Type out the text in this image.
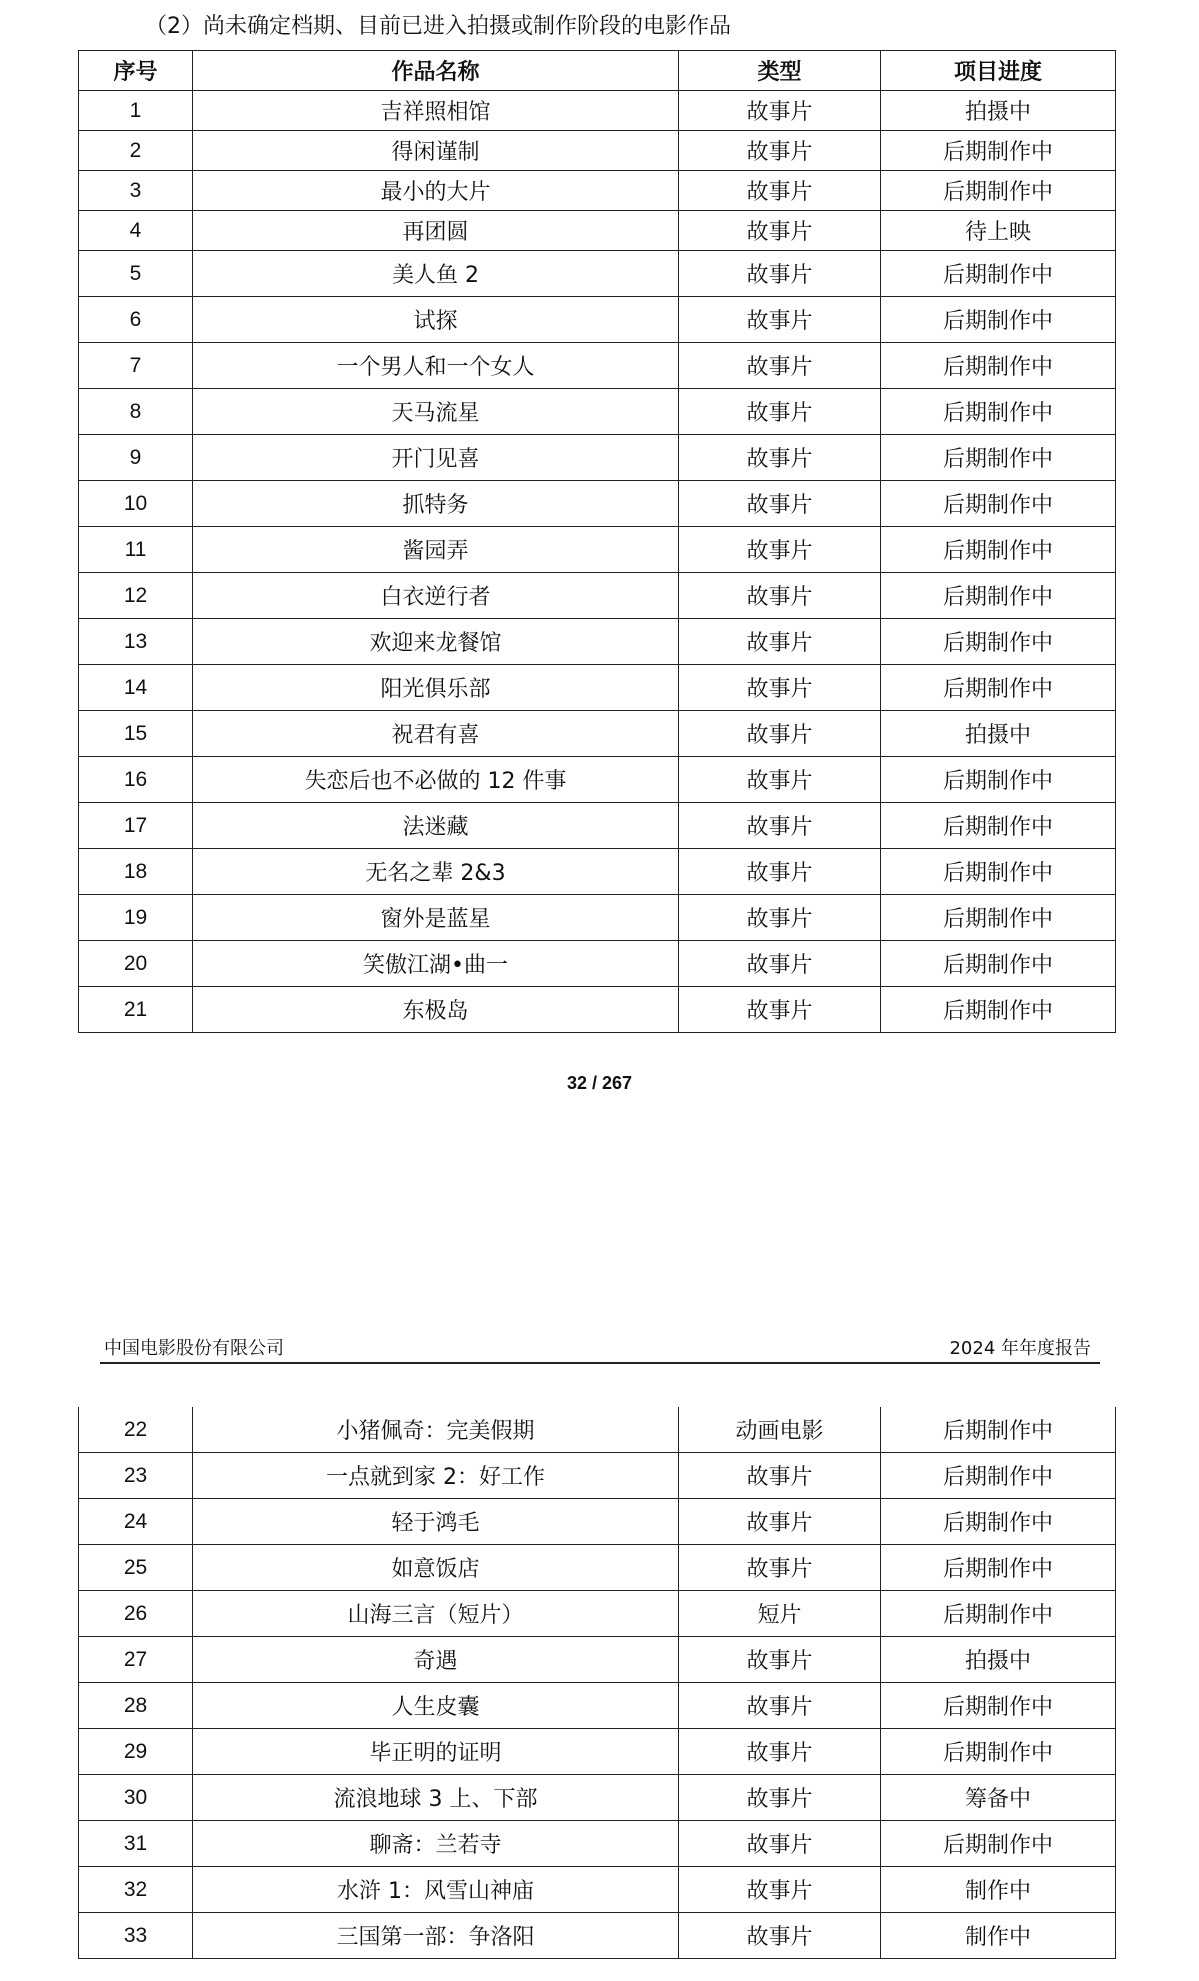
（2）尚未确定档期、目前已进入拍摄或制作阶段的电影作品
序号	作品名称	类型	项目进度
1	吉祥照相馆	故事片	拍摄中
2	得闲谨制	故事片	后期制作中
3	最小的大片	故事片	后期制作中
4	再团圆	故事片	待上映
5	美人鱼 2	故事片	后期制作中
6	试探	故事片	后期制作中
7	一个男人和一个女人	故事片	后期制作中
8	天马流星	故事片	后期制作中
9	开门见喜	故事片	后期制作中
10	抓特务	故事片	后期制作中
11	酱园弄	故事片	后期制作中
12	白衣逆行者	故事片	后期制作中
13	欢迎来龙餐馆	故事片	后期制作中
14	阳光俱乐部	故事片	后期制作中
15	祝君有喜	故事片	拍摄中
16	失恋后也不必做的 12 件事	故事片	后期制作中
17	法迷藏	故事片	后期制作中
18	无名之辈 2&3	故事片	后期制作中
19	窗外是蓝星	故事片	后期制作中
20	笑傲江湖•曲一	故事片	后期制作中
21	东极岛	故事片	后期制作中
32 / 267
中国电影股份有限公司	2024 年年度报告
22	小猪佩奇：完美假期	动画电影	后期制作中
23	一点就到家 2：好工作	故事片	后期制作中
24	轻于鸿毛	故事片	后期制作中
25	如意饭店	故事片	后期制作中
26	山海三言（短片）	短片	后期制作中
27	奇遇	故事片	拍摄中
28	人生皮囊	故事片	后期制作中
29	毕正明的证明	故事片	后期制作中
30	流浪地球 3 上、下部	故事片	筹备中
31	聊斋：兰若寺	故事片	后期制作中
32	水浒 1：风雪山神庙	故事片	制作中
33	三国第一部：争洛阳	故事片	制作中
